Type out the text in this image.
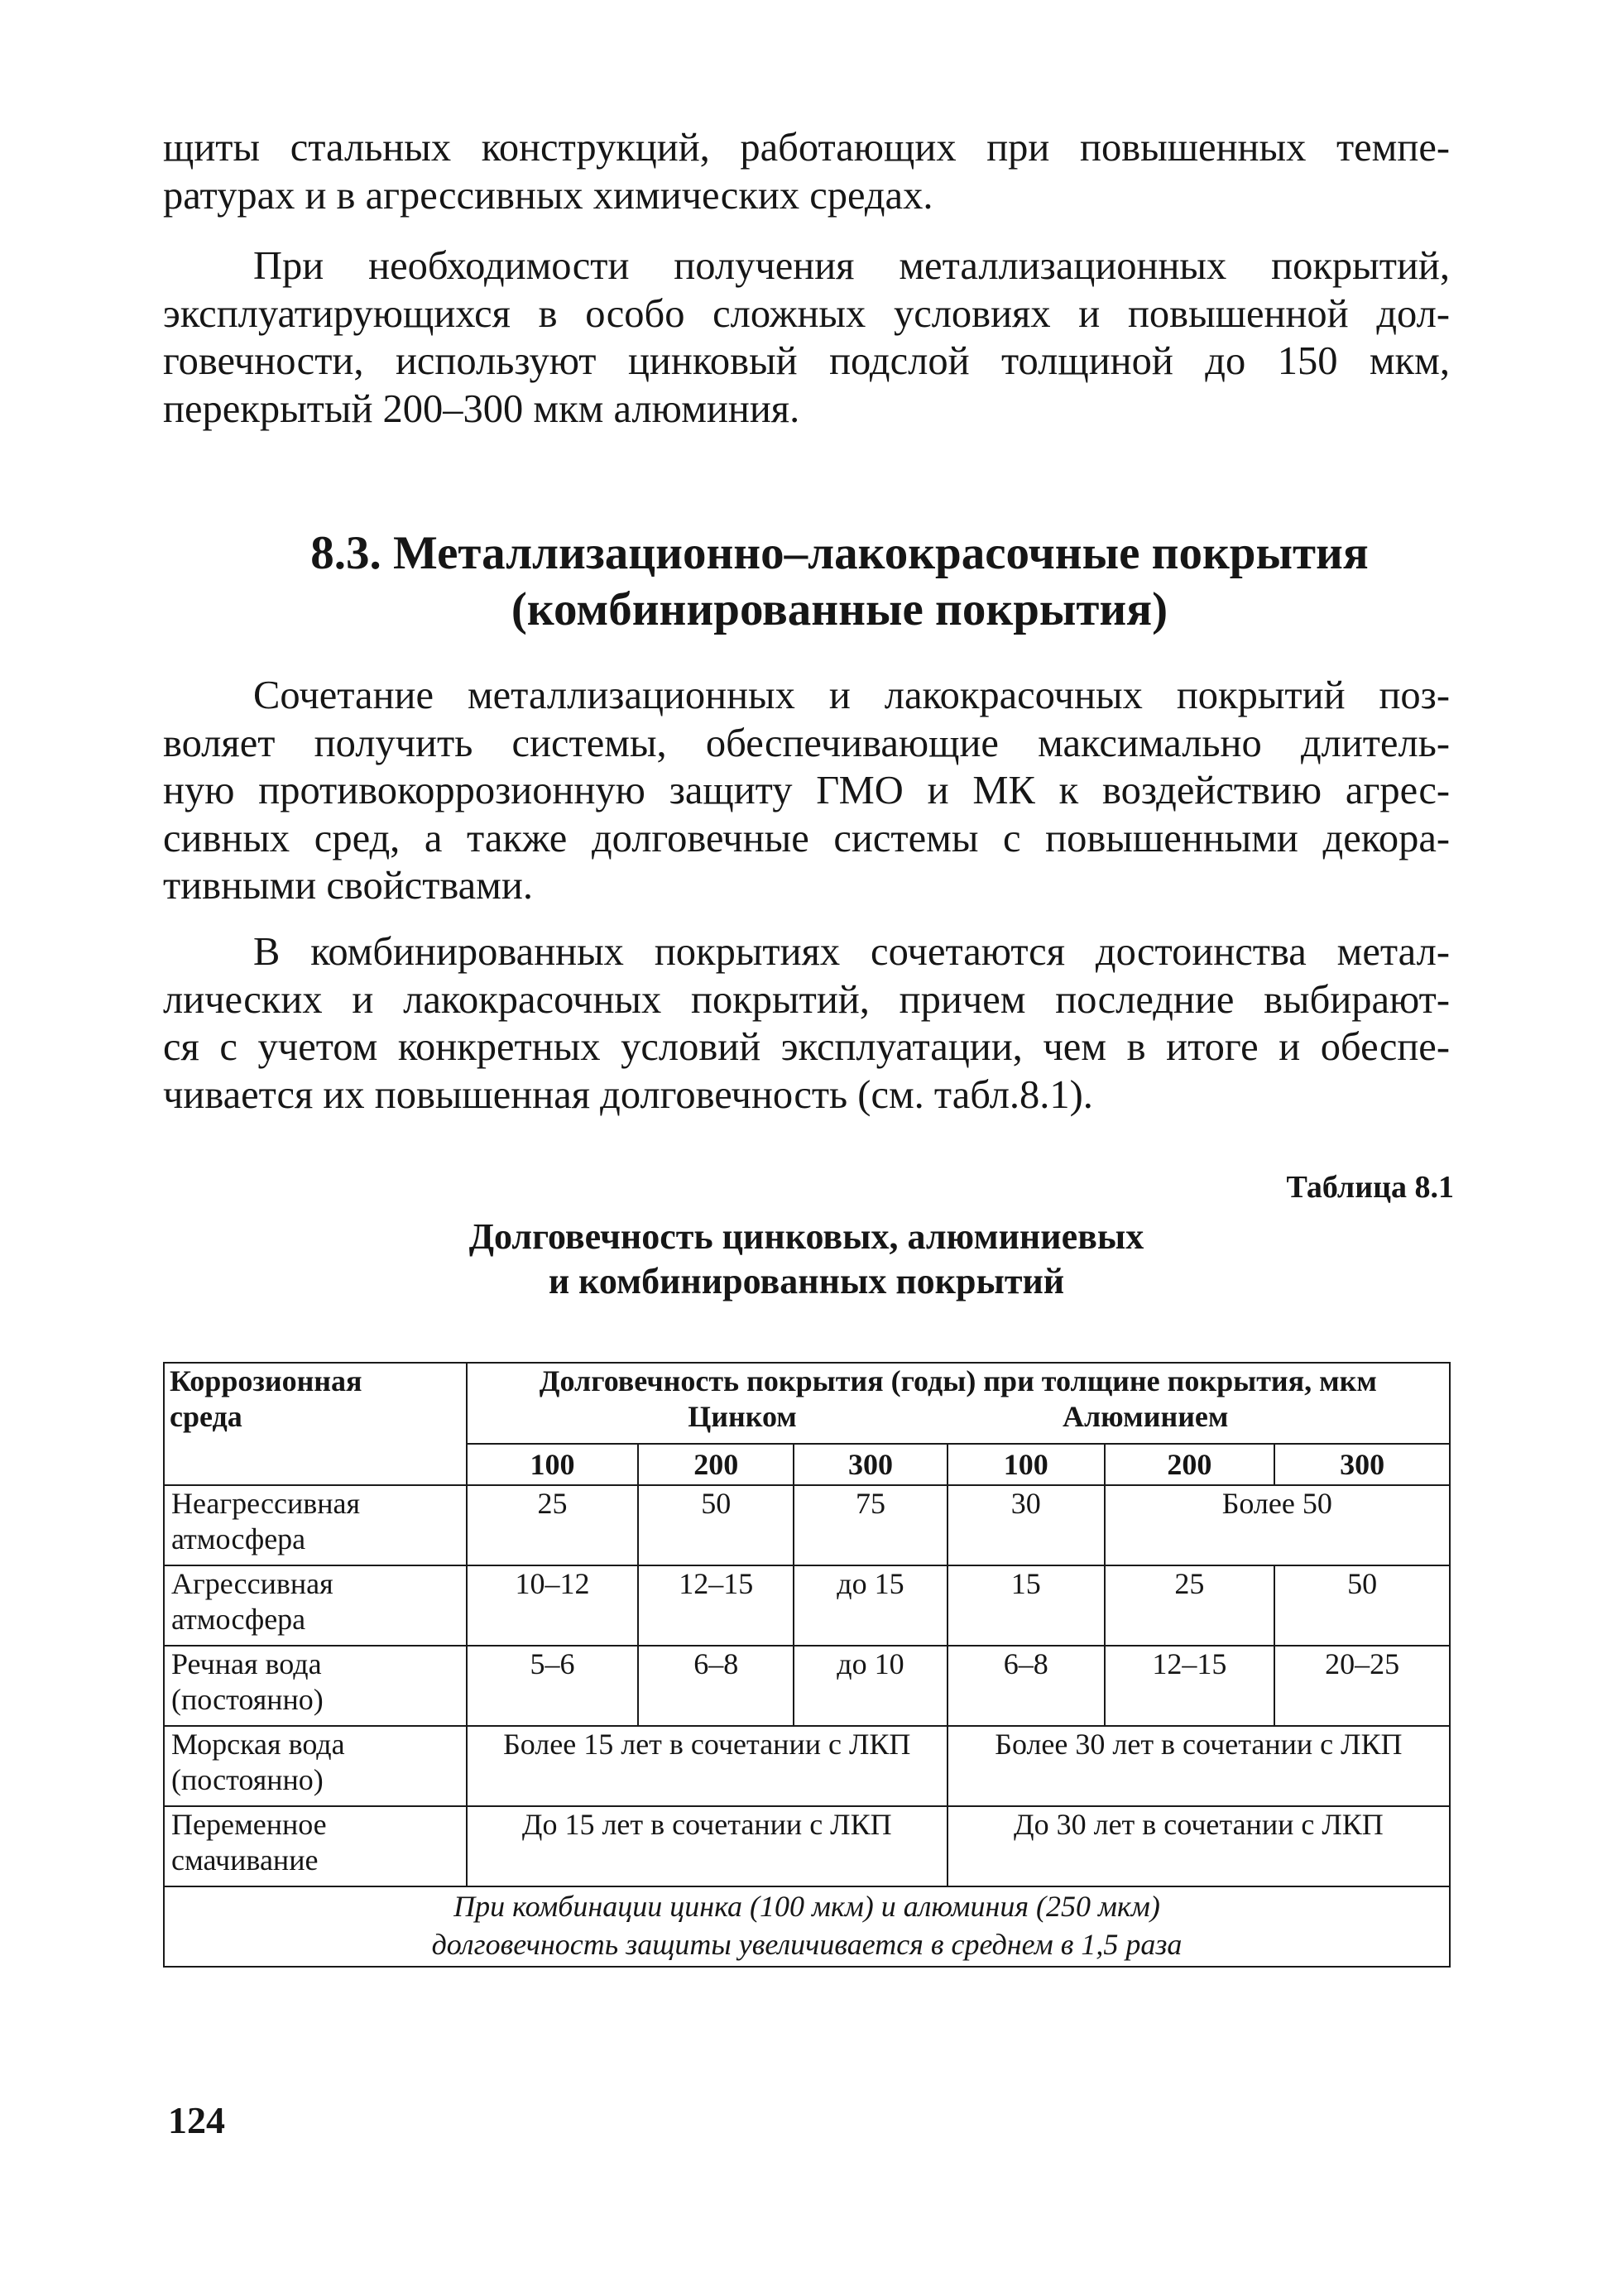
щиты стальных конструкций, работающих при повышенных темпе-
ратурах и в агрессивных химических средах.

При необходимости получения металлизационных покрытий,
эксплуатирующихся в особо сложных условиях и повышенной дол-
говечности, используют цинковый подслой толщиной до 150 мкм,
перекрытый 200–300 мкм алюминия.

8.3. Металлизационно–лакокрасочные покрытия
(комбинированные покрытия)

Сочетание металлизационных и лакокрасочных покрытий поз-
воляет получить системы, обеспечивающие максимально длитель-
ную противокоррозионную защиту ГМО и МК к воздействию агрес-
сивных сред, а также долговечные системы с повышенными декора-
тивными свойствами.

В комбинированных покрытиях сочетаются достоинства метал-
лических и лакокрасочных покрытий, причем последние выбирают-
ся с учетом конкретных условий эксплуатации, чем в итоге и обеспе-
чивается их повышенная долговечность (см. табл.8.1).

Таблица 8.1

Долговечность цинковых, алюминиевых
и комбинированных покрытий
Коррозионная
среда	Долговечность покрытия (годы) при толщине покрытия, мкм
Цинком Алюминием					

	100	200	300	100	200	300
Неагрессивная
атмосфера	25	50	75	30	Более 50	
Агрессивная
атмосфера	10–12	12–15	до 15	15	25	50
Речная вода
(постоянно)	5–6	6–8	до 10	6–8	12–15	20–25
Морская вода
(постоянно)	Более 15 лет в сочетании с ЛКП			Более 30 лет в сочетании с ЛКП		
Переменное
смачивание	До 15 лет в сочетании с ЛКП			До 30 лет в сочетании с ЛКП		
При комбинации цинка (100 мкм) и алюминия (250 мкм)
долговечность защиты увеличивается в среднем в 1,5 раза						

124
